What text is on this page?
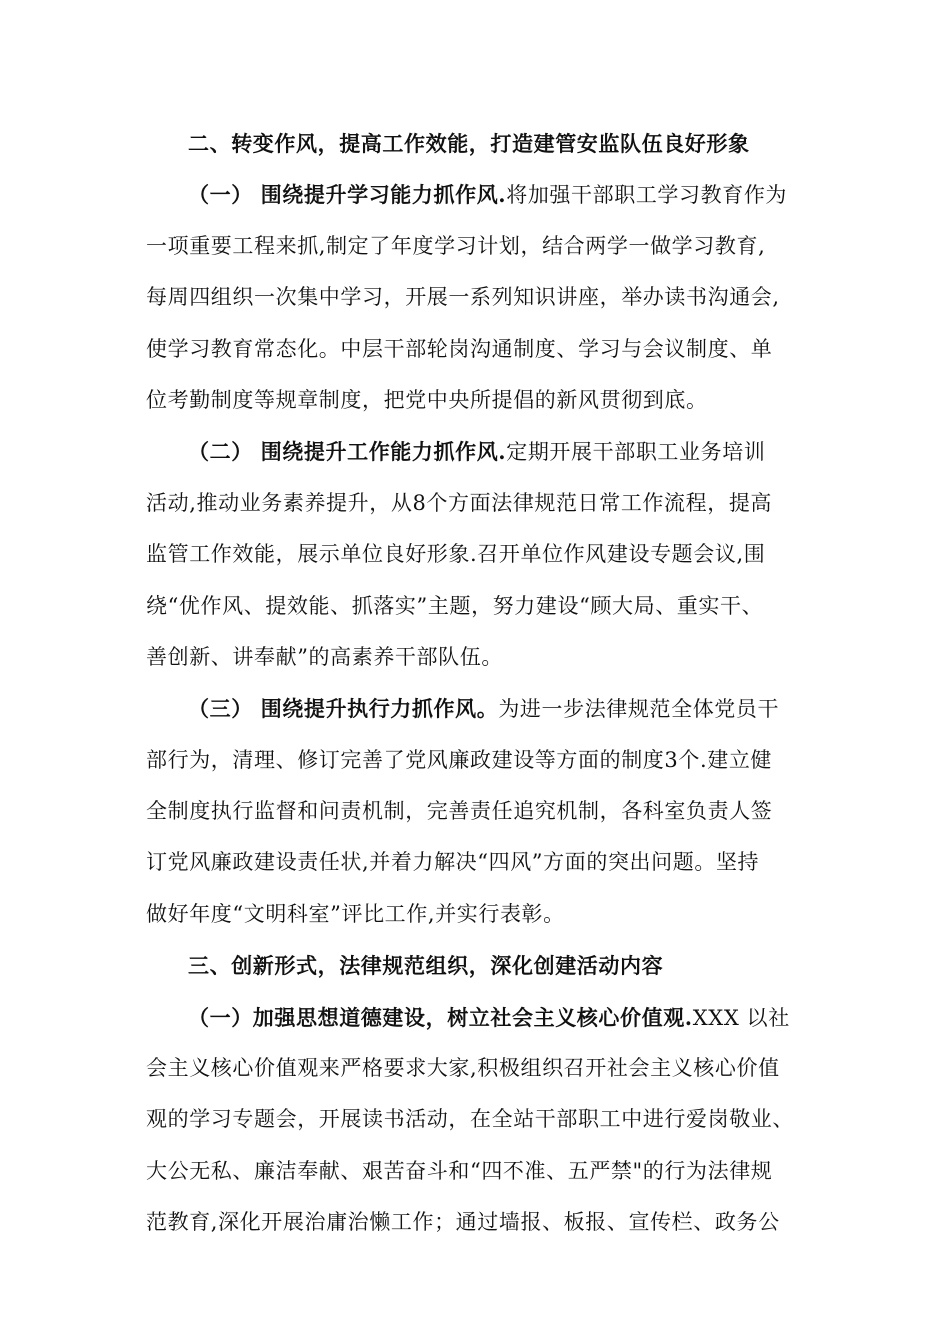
二、转变作风，提高工作效能，打造建管安监队伍良好形象
（一） 围绕提升学习能力抓作风.将加强干部职工学习教育作为
一项重要工程来抓,制定了年度学习计划，结合两学一做学习教育,
每周四组织一次集中学习，开展一系列知识讲座，举办读书沟通会,
使学习教育常态化。中层干部轮岗沟通制度、学习与会议制度、单
位考勤制度等规章制度，把党中央所提倡的新风贯彻到底。
（二） 围绕提升工作能力抓作风.定期开展干部职工业务培训
活动,推动业务素养提升，从8个方面法律规范日常工作流程，提高
监管工作效能，展示单位良好形象.召开单位作风建设专题会议,围
绕“优作风、提效能、抓落实”主题，努力建设“顾大局、重实干、
善创新、讲奉献”的高素养干部队伍。
（三） 围绕提升执行力抓作风。为进一步法律规范全体党员干
部行为，清理、修订完善了党风廉政建设等方面的制度3个.建立健
全制度执行监督和问责机制，完善责任追究机制，各科室负责人签
订党风廉政建设责任状,并着力解决“四风”方面的突出问题。坚持
做好年度“文明科室”评比工作,并实行表彰。
三、创新形式，法律规范组织，深化创建活动内容
（一）加强思想道德建设，树立社会主义核心价值观.XXX 以社
会主义核心价值观来严格要求大家,积极组织召开社会主义核心价值
观的学习专题会，开展读书活动，在全站干部职工中进行爱岗敬业、
大公无私、廉洁奉献、艰苦奋斗和“四不准、五严禁"的行为法律规
范教育,深化开展治庸治懒工作；通过墙报、板报、宣传栏、政务公
